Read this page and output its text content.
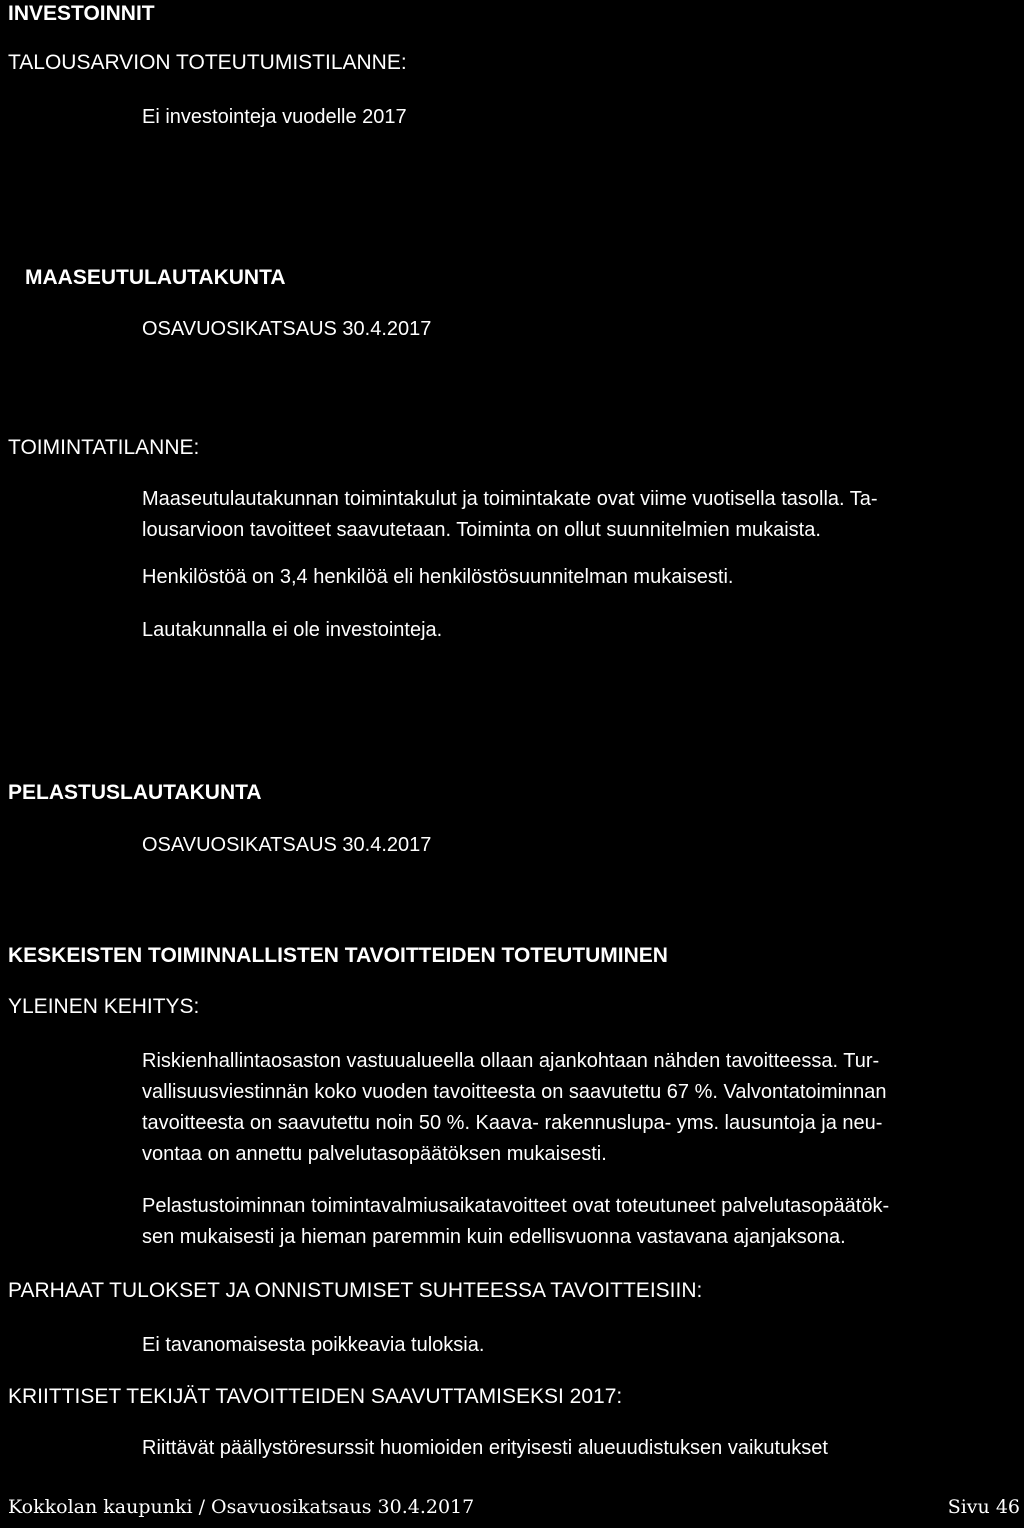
INVESTOINNIT

TALOUSARVION TOTEUTUMISTILANNE:

Ei investointeja vuodelle 2017

MAASEUTULAUTAKUNTA

OSAVUOSIKATSAUS 30.4.2017

TOIMINTATILANNE:

Maaseutulautakunnan toimintakulut ja toimintakate ovat viime vuotisella tasolla. Ta-
lousarvioon tavoitteet saavutetaan. Toiminta on ollut suunnitelmien mukaista.

Henkilöstöä on 3,4 henkilöä eli henkilöstösuunnitelman mukaisesti.

Lautakunnalla ei ole investointeja.

PELASTUSLAUTAKUNTA

OSAVUOSIKATSAUS 30.4.2017

KESKEISTEN TOIMINNALLISTEN TAVOITTEIDEN TOTEUTUMINEN

YLEINEN KEHITYS:

Riskienhallintaosaston vastuualueella ollaan ajankohtaan nähden tavoitteessa. Tur-
vallisuusviestinnän koko vuoden tavoitteesta on saavutettu 67 %. Valvontatoiminnan
tavoitteesta on saavutettu noin 50 %. Kaava- rakennuslupa- yms. lausuntoja ja neu-
vontaa on annettu palvelutasopäätöksen mukaisesti.
Pelastustoiminnan toimintavalmiusaikatavoitteet ovat toteutuneet palvelutasopäätök-
sen mukaisesti ja hieman paremmin kuin edellisvuonna vastavana ajanjaksona.

PARHAAT TULOKSET JA ONNISTUMISET SUHTEESSA TAVOITTEISIIN:

Ei tavanomaisesta poikkeavia tuloksia.

KRIITTISET TEKIJÄT TAVOITTEIDEN SAAVUTTAMISEKSI 2017:

Riittävät päällystöresurssit huomioiden erityisesti alueuudistuksen vaikutukset

Kokkolan kaupunki / Osavuosikatsaus 30.4.2017	Sivu 46
